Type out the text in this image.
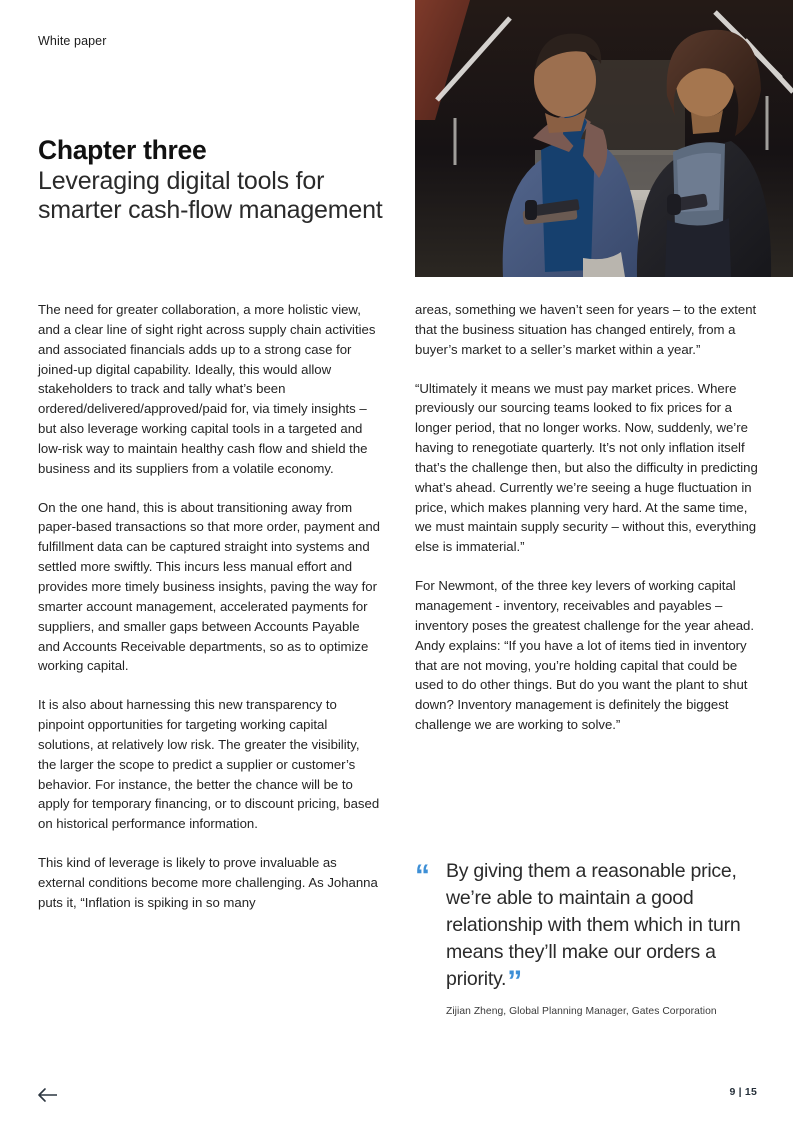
White paper
Chapter three
Leveraging digital tools for smarter cash-flow management

The need for greater collaboration, a more holistic view, and a clear line of sight right across supply chain activities and associated financials adds up to a strong case for joined-up digital capability. Ideally, this would allow stakeholders to track and tally what’s been ordered/delivered/approved/paid for, via timely insights – but also leverage working capital tools in a targeted and low-risk way to maintain healthy cash flow and shield the business and its suppliers from a volatile economy.

On the one hand, this is about transitioning away from paper-based transactions so that more order, payment and fulfillment data can be captured straight into systems and settled more swiftly. This incurs less manual effort and provides more timely business insights, paving the way for smarter account management, accelerated payments for suppliers, and smaller gaps between Accounts Payable and Accounts Receivable departments, so as to optimize working capital.

It is also about harnessing this new transparency to pinpoint opportunities for targeting working capital solutions, at relatively low risk. The greater the visibility, the larger the scope to predict a supplier or customer’s behavior. For instance, the better the chance will be to apply for temporary financing, or to discount pricing, based on historical performance information.

This kind of leverage is likely to prove invaluable as external conditions become more challenging. As Johanna puts it, “Inflation is spiking in so many

areas, something we haven’t seen for years – to the extent that the business situation has changed entirely, from a buyer’s market to a seller’s market within a year.”

“Ultimately it means we must pay market prices. Where previously our sourcing teams looked to fix prices for a longer period, that no longer works. Now, suddenly, we’re having to renegotiate quarterly. It’s not only inflation itself that’s the challenge then, but also the difficulty in predicting what’s ahead. Currently we’re seeing a huge fluctuation in price, which makes planning very hard. At the same time, we must maintain supply security – without this, everything else is immaterial.”

For Newmont, of the three key levers of working capital management - inventory, receivables and payables – inventory poses the greatest challenge for the year ahead. Andy explains: “If you have a lot of items tied in inventory that are not moving, you’re holding capital that could be used to do other things. But do you want the plant to shut down? Inventory management is definitely the biggest challenge we are working to solve.”

“ By giving them a reasonable price, we’re able to maintain a good relationship with them which in turn means they’ll make our orders a priority.”

Zijian Zheng, Global Planning Manager, Gates Corporation
9 | 15
